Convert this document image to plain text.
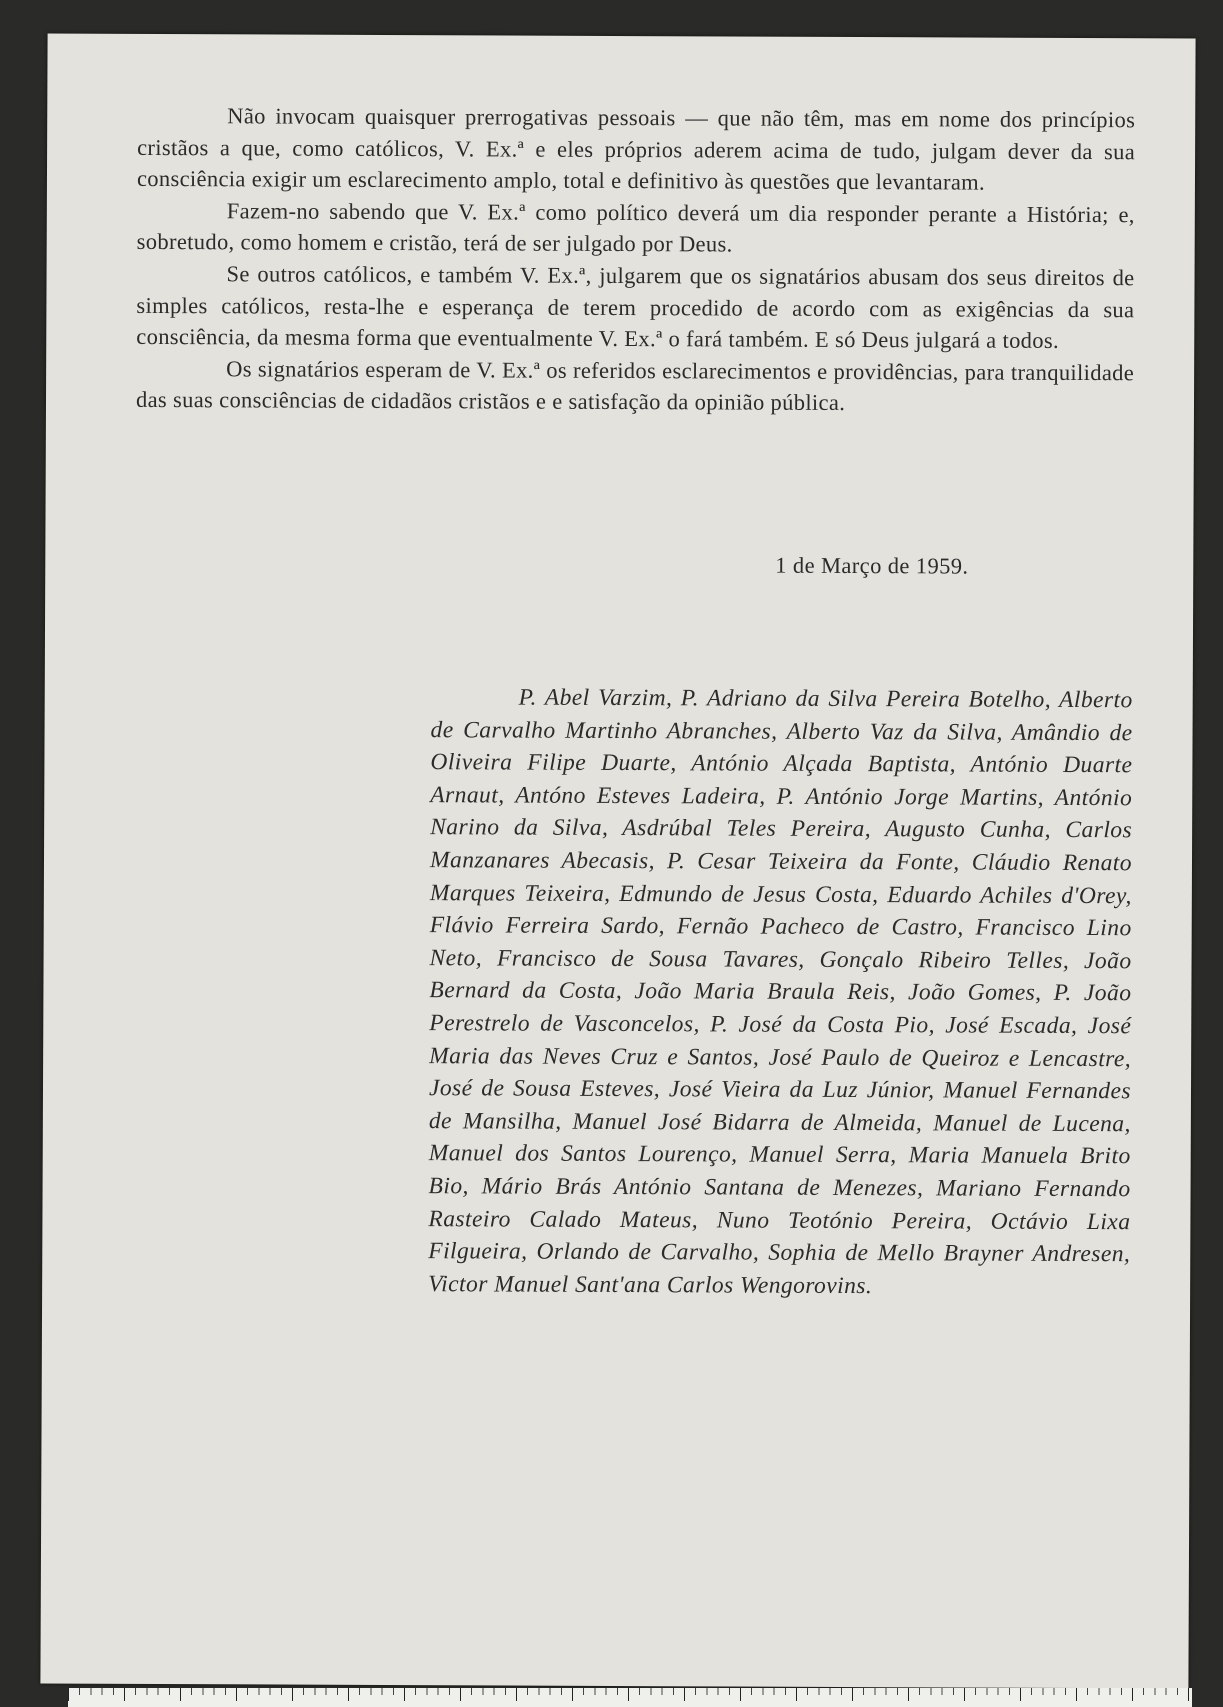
Não invocam quaisquer prerrogativas pessoais — que não têm, mas em nome dos princípios cristãos a que, como católicos, V. Ex.ª e eles próprios aderem acima de tudo, julgam dever da sua consciência exigir um esclarecimento amplo, total e definitivo às questões que levantaram.

Fazem-no sabendo que V. Ex.ª como político deverá um dia responder perante a História; e, sobretudo, como homem e cristão, terá de ser julgado por Deus.

Se outros católicos, e também V. Ex.ª, julgarem que os signatários abusam dos seus direitos de simples católicos, resta-lhe e esperança de terem procedido de acordo com as exigências da sua consciência, da mesma forma que eventualmente V. Ex.ª o fará também. E só Deus julgará a todos.

Os signatários esperam de V. Ex.ª os referidos esclarecimentos e providências, para tranquilidade das suas consciências de cidadãos cristãos e e satisfação da opinião pública.

1 de Março de 1959.

P. Abel Varzim, P. Adriano da Silva Pereira Botelho, Alberto de Carvalho Martinho Abranches, Alberto Vaz da Silva, Amândio de Oliveira Filipe Duarte, António Alçada Baptista, António Duarte Arnaut, Antóno Esteves Ladeira, P. António Jorge Martins, António Narino da Silva, Asdrúbal Teles Pereira, Augusto Cunha, Carlos Manzanares Abecasis, P. Cesar Teixeira da Fonte, Cláudio Renato Marques Teixeira, Edmundo de Jesus Costa, Eduardo Achiles d'Orey, Flávio Ferreira Sardo, Fernão Pacheco de Castro, Francisco Lino Neto, Francisco de Sousa Tavares, Gonçalo Ribeiro Telles, João Bernard da Costa, João Maria Braula Reis, João Gomes, P. João Perestrelo de Vasconcelos, P. José da Costa Pio, José Escada, José Maria das Neves Cruz e Santos, José Paulo de Queiroz e Lencastre, José de Sousa Esteves, José Vieira da Luz Júnior, Manuel Fernandes de Mansilha, Manuel José Bidarra de Almeida, Manuel de Lucena, Manuel dos Santos Lourenço, Manuel Serra, Maria Manuela Brito Bio, Mário Brás António Santana de Menezes, Mariano Fernando Rasteiro Calado Mateus, Nuno Teotónio Pereira, Octávio Lixa Filgueira, Orlando de Carvalho, Sophia de Mello Brayner Andresen, Victor Manuel Sant'ana Carlos Wengorovins.
